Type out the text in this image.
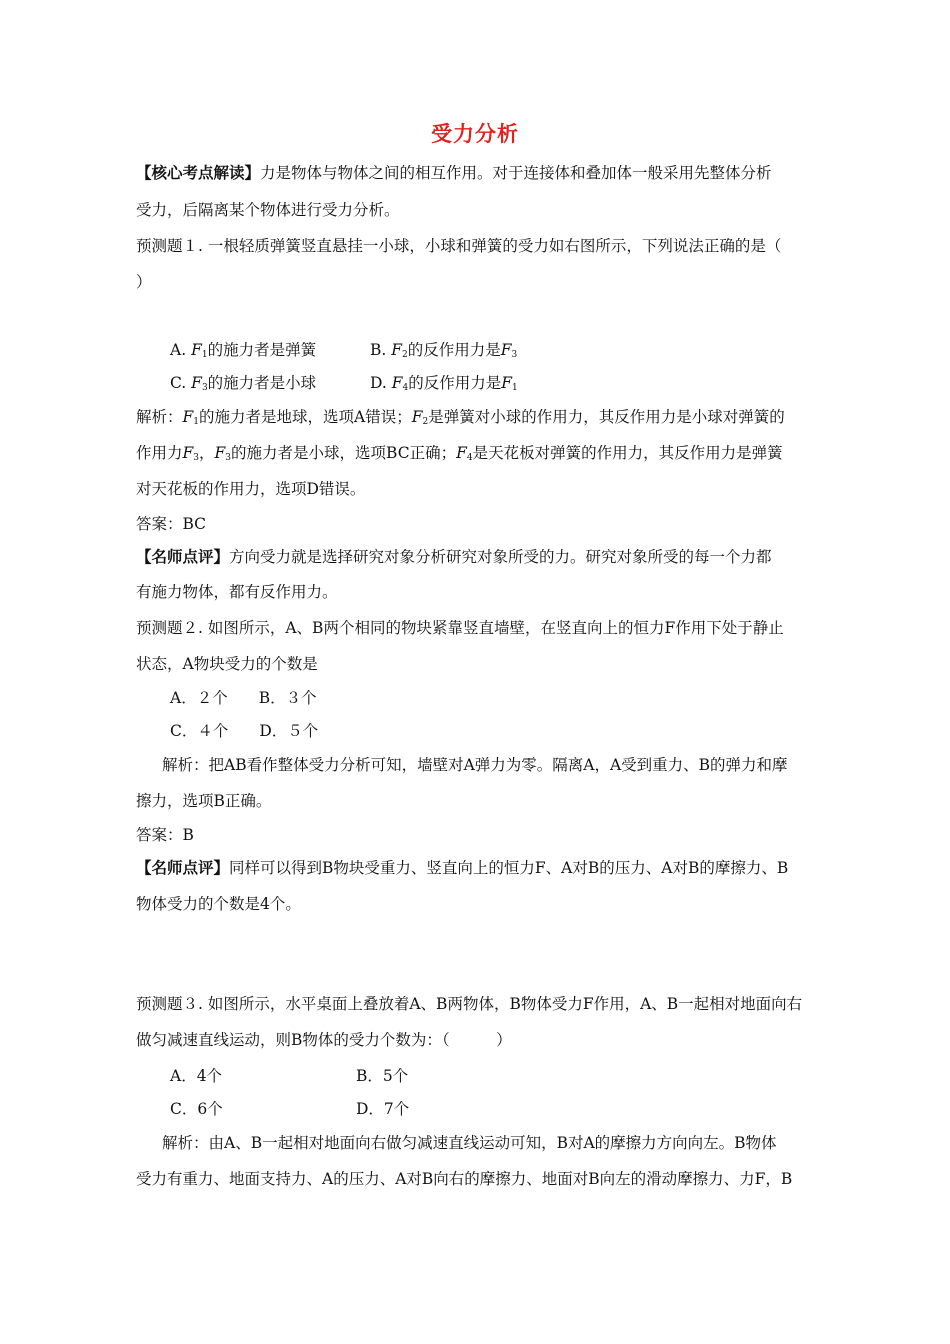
受力分析
【核心考点解读】力是物体与物体之间的相互作用。对于连接体和叠加体一般采用先整体分析
受力，后隔离某个物体进行受力分析。
预测题１. 一根轻质弹簧竖直悬挂一小球，小球和弹簧的受力如右图所示，下列说法正确的是（
）
A. $F_1$的施力者是弹簧	B. $F_2$的反作用力是$F_3$
C. $F_3$的施力者是小球	D. $F_4$的反作用力是$F_1$
解析：$F_1$的施力者是地球，选项A错误；$F_2$是弹簧对小球的作用力，其反作用力是小球对弹簧的
作用力$F_3$，$F_3$的施力者是小球，选项BC正确；$F_4$是天花板对弹簧的作用力，其反作用力是弹簧
对天花板的作用力，选项D错误。
答案：BC
【名师点评】方向受力就是选择研究对象分析研究对象所受的力。研究对象所受的每一个力都
有施力物体，都有反作用力。
预测题２. 如图所示，A、B两个相同的物块紧靠竖直墙壁，在竖直向上的恒力F作用下处于静止
状态，A物块受力的个数是
A．２个　　B．３个
C．４个　　D．５个
解析：把AB看作整体受力分析可知，墙壁对A弹力为零。隔离A，A受到重力、B的弹力和摩
擦力，选项B正确。
答案：B
【名师点评】同样可以得到B物块受重力、竖直向上的恒力F、A对B的压力、A对B的摩擦力、B
物体受力的个数是4个。
预测题３. 如图所示，水平桌面上叠放着A、B两物体，B物体受力F作用，A、B一起相对地面向右
做匀减速直线运动，则B物体的受力个数为：（　　　）
A．4个	B．5个
C．6个	D．7个
解析：由A、B一起相对地面向右做匀减速直线运动可知，B对A的摩擦力方向向左。B物体
受力有重力、地面支持力、A的压力、A对B向右的摩擦力、地面对B向左的滑动摩擦力、力F，B
